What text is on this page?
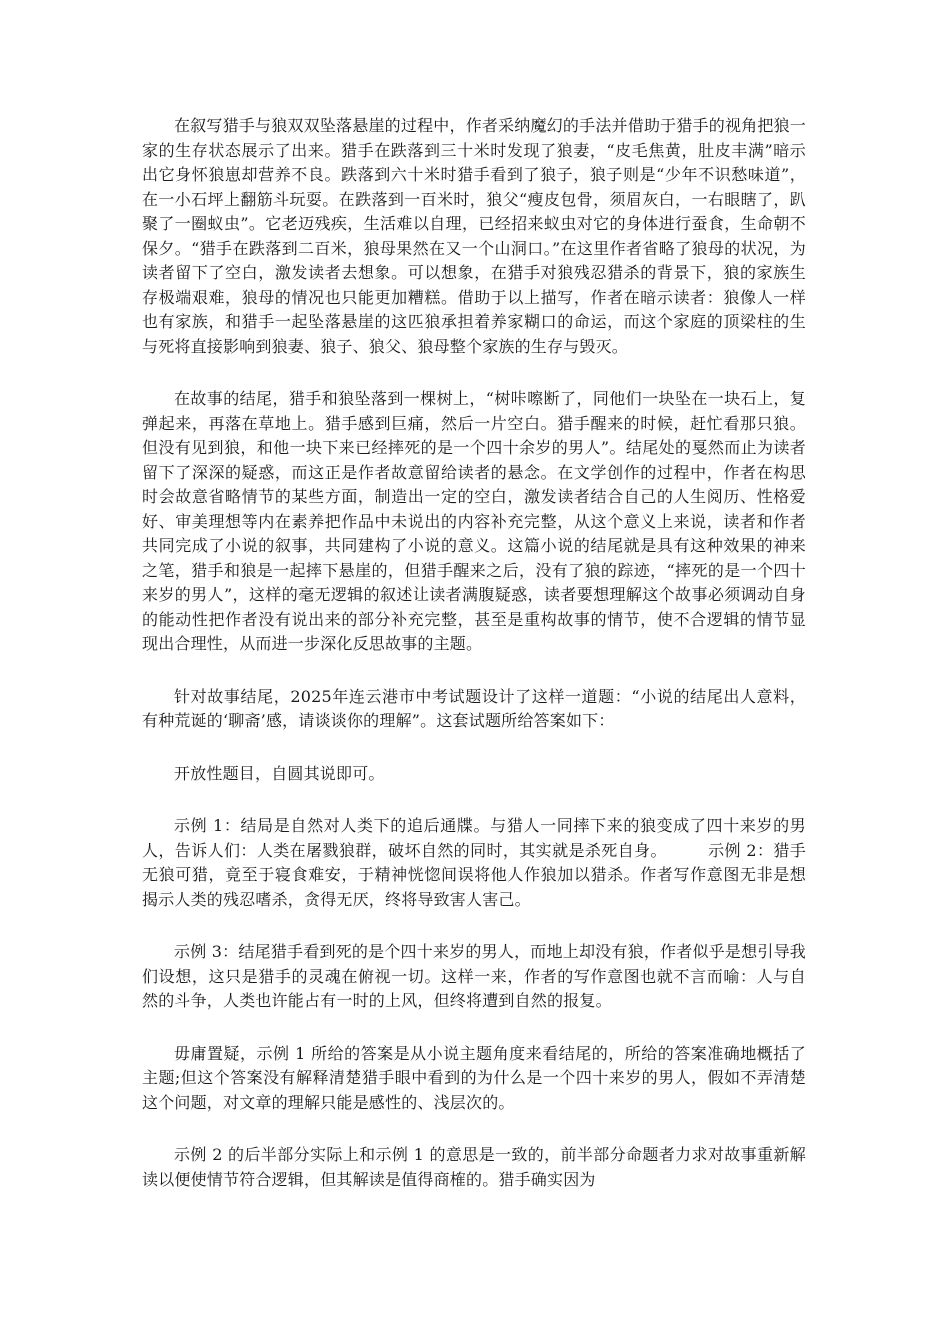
在叙写猎手与狼双双坠落悬崖的过程中，作者采纳魔幻的手法并借助于猎手的视角把狼一家的生存状态展示了出来。猎手在跌落到三十米时发现了狼妻，“皮毛焦黄，肚皮丰满”暗示出它身怀狼崽却营养不良。跌落到六十米时猎手看到了狼子，狼子则是“少年不识愁味道”，在一小石坪上翻筋斗玩耍。在跌落到一百米时，狼父“瘦皮包骨，须眉灰白，一右眼瞎了，趴聚了一圈蚁虫”。它老迈残疾，生活难以自理，已经招来蚁虫对它的身体进行蚕食，生命朝不保夕。“猎手在跌落到二百米，狼母果然在又一个山洞口。”在这里作者省略了狼母的状况，为读者留下了空白，激发读者去想象。可以想象，在猎手对狼残忍猎杀的背景下，狼的家族生存极端艰难，狼母的情况也只能更加糟糕。借助于以上描写，作者在暗示读者：狼像人一样也有家族，和猎手一起坠落悬崖的这匹狼承担着养家糊口的命运，而这个家庭的顶梁柱的生与死将直接影响到狼妻、狼子、狼父、狼母整个家族的生存与毁灭。

在故事的结尾，猎手和狼坠落到一棵树上，“树咔嚓断了，同他们一块坠在一块石上，复弹起来，再落在草地上。猎手感到巨痛，然后一片空白。猎手醒来的时候，赶忙看那只狼。但没有见到狼，和他一块下来已经摔死的是一个四十余岁的男人”。结尾处的戛然而止为读者留下了深深的疑惑，而这正是作者故意留给读者的悬念。在文学创作的过程中，作者在构思时会故意省略情节的某些方面，制造出一定的空白，激发读者结合自己的人生阅历、性格爱好、审美理想等内在素养把作品中未说出的内容补充完整，从这个意义上来说，读者和作者共同完成了小说的叙事，共同建构了小说的意义。这篇小说的结尾就是具有这种效果的神来之笔，猎手和狼是一起摔下悬崖的，但猎手醒来之后，没有了狼的踪迹，“摔死的是一个四十来岁的男人”，这样的毫无逻辑的叙述让读者满腹疑惑，读者要想理解这个故事必须调动自身的能动性把作者没有说出来的部分补充完整，甚至是重构故事的情节，使不合逻辑的情节显现出合理性，从而进一步深化反思故事的主题。

针对故事结尾，2025年连云港市中考试题设计了这样一道题：“小说的结尾出人意料，有种荒诞的‘聊斋’感，请谈谈你的理解”。这套试题所给答案如下：

开放性题目，自圆其说即可。

示例 1：结局是自然对人类下的追后通牒。与猎人一同摔下来的狼变成了四十来岁的男人，告诉人们：人类在屠戮狼群，破坏自然的同时，其实就是杀死自身。　　　示例 2：猎手无狼可猎，竟至于寝食难安，于精神恍惚间误将他人作狼加以猎杀。作者写作意图无非是想揭示人类的残忍嗜杀，贪得无厌，终将导致害人害己。

示例 3：结尾猎手看到死的是个四十来岁的男人，而地上却没有狼，作者似乎是想引导我们设想，这只是猎手的灵魂在俯视一切。这样一来，作者的写作意图也就不言而喻：人与自然的斗争，人类也许能占有一时的上风，但终将遭到自然的报复。

毋庸置疑，示例 1 所给的答案是从小说主题角度来看结尾的，所给的答案准确地概括了主题;但这个答案没有解释清楚猎手眼中看到的为什么是一个四十来岁的男人，假如不弄清楚这个问题，对文章的理解只能是感性的、浅层次的。

示例 2 的后半部分实际上和示例 1 的意思是一致的，前半部分命题者力求对故事重新解读以便使情节符合逻辑，但其解读是值得商榷的。猎手确实因为
